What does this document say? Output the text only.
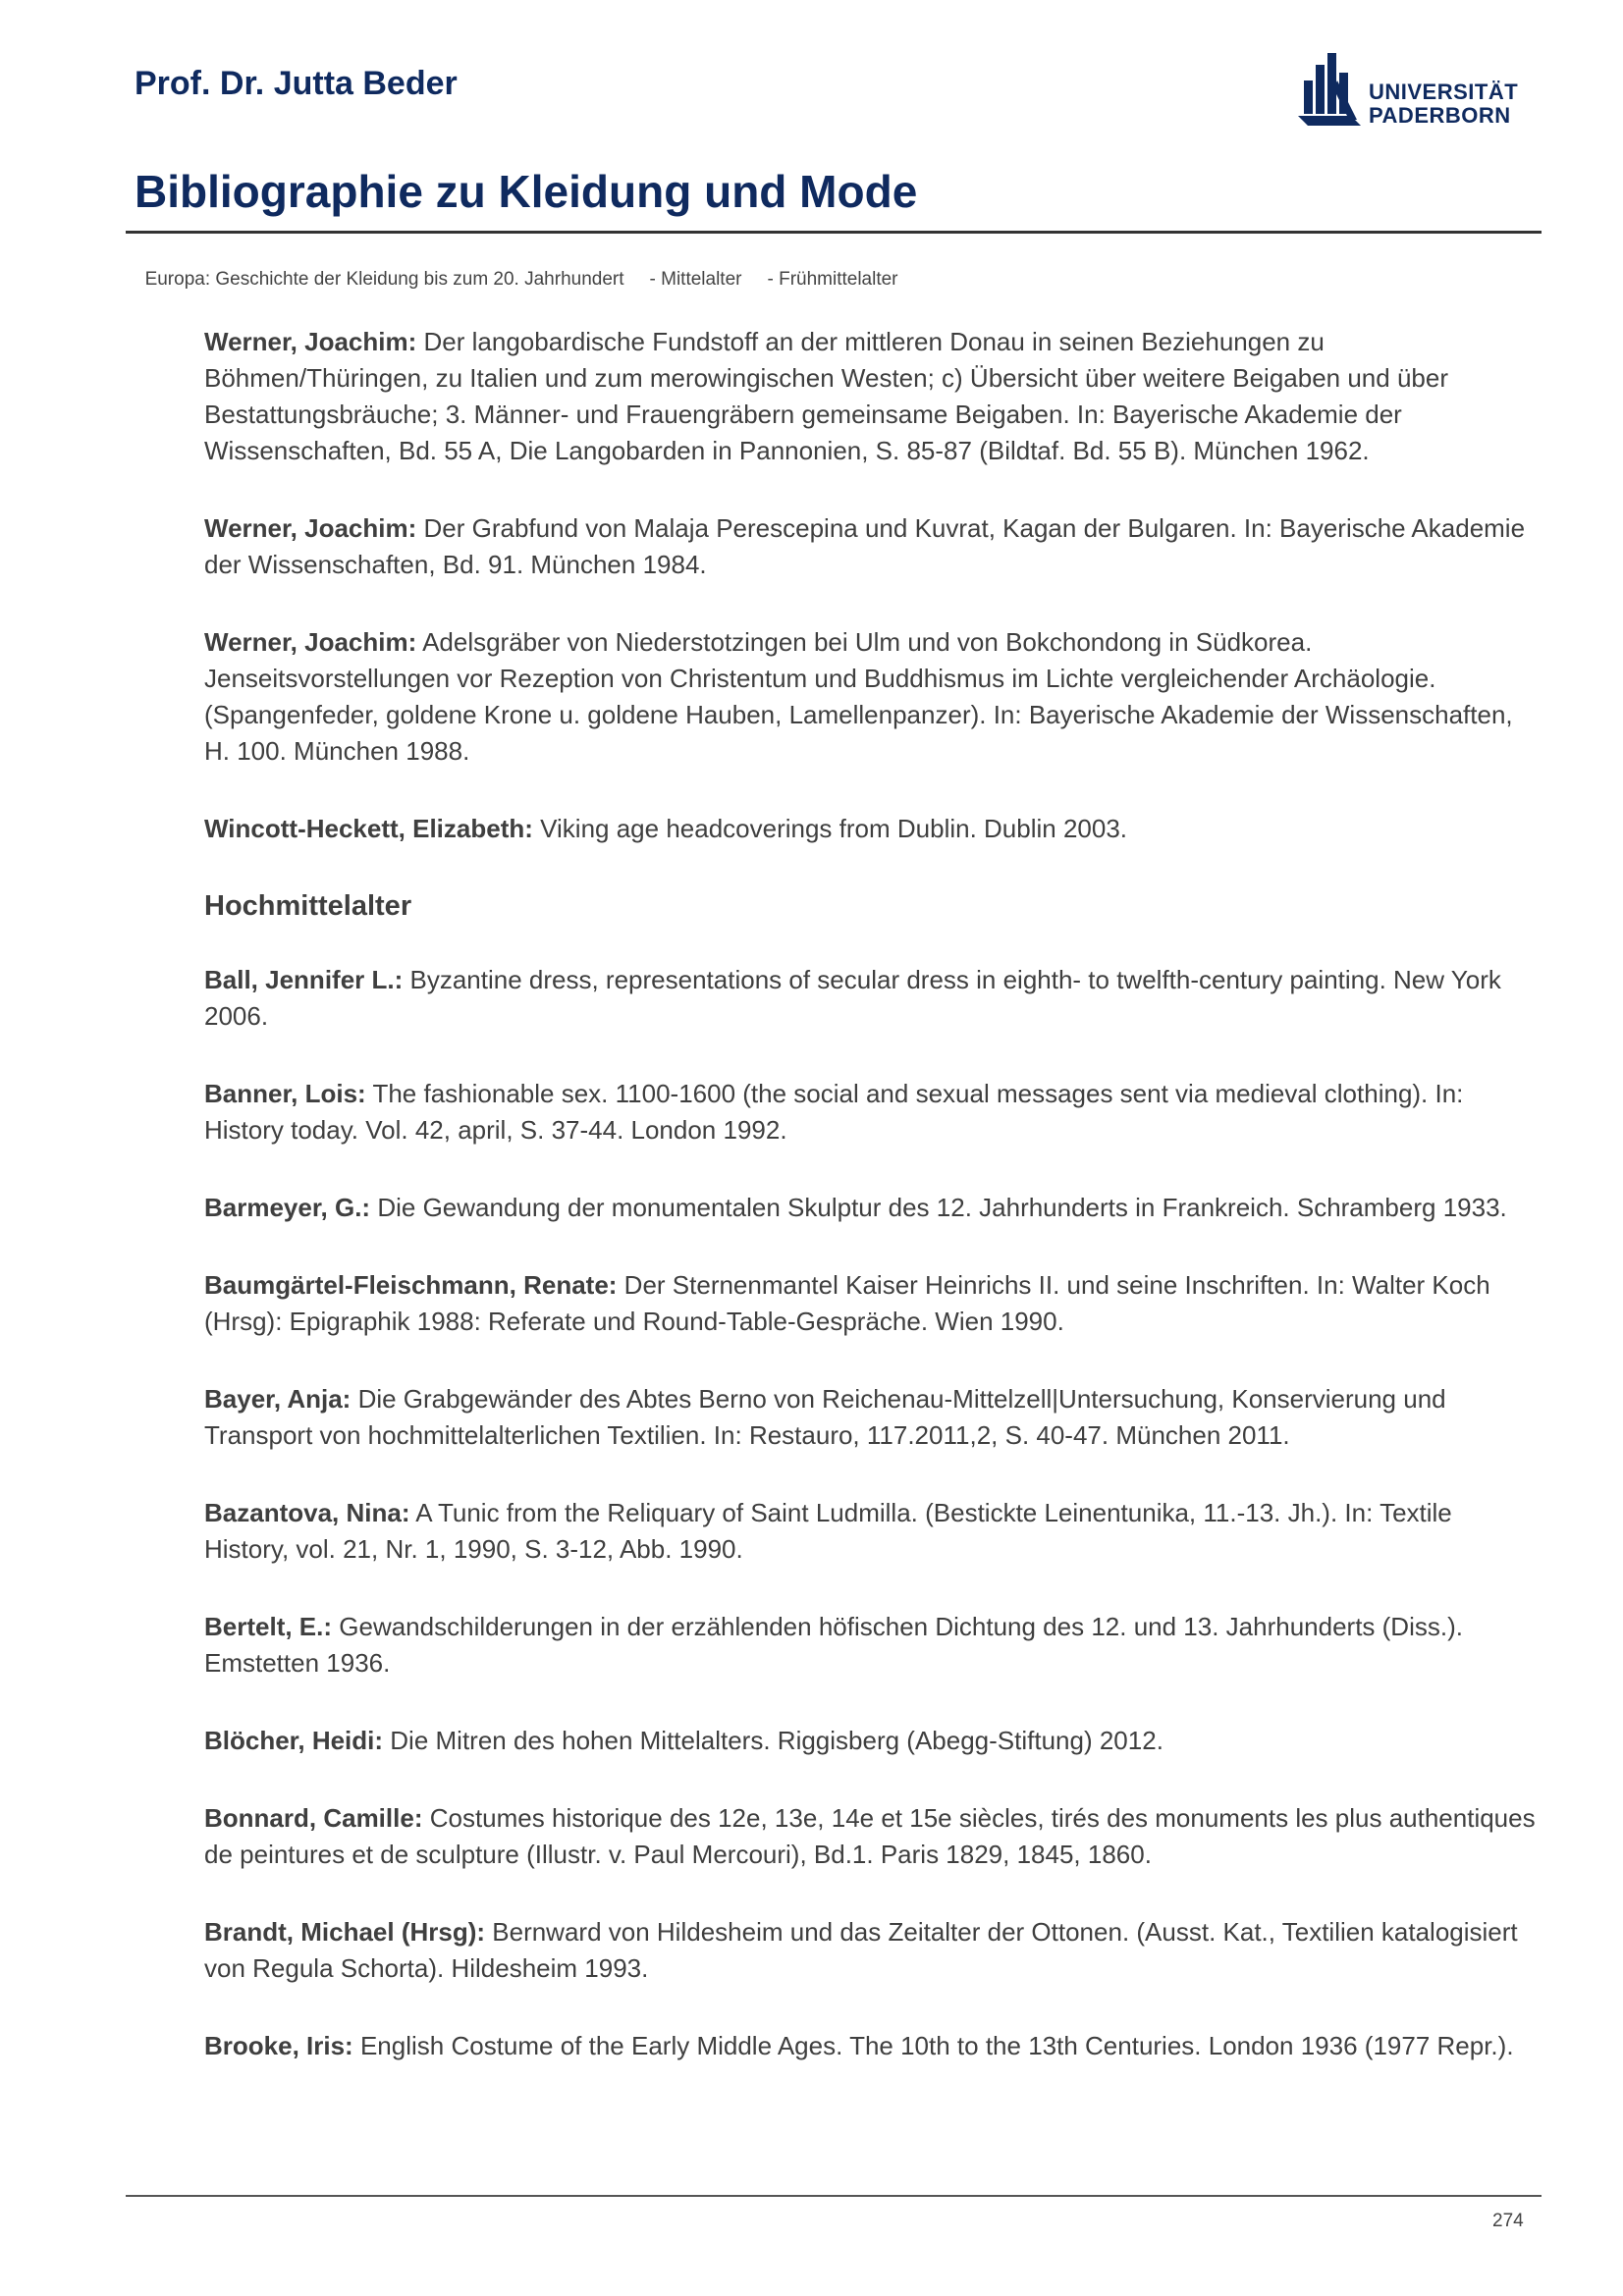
Prof. Dr. Jutta Beder	UNIVERSITÄT
PADERBORN
Bibliographie zu Kleidung und Mode

Europa: Geschichte der Kleidung bis zum 20. Jahrhundert - Mittelalter - Frühmittelalter

Werner, Joachim: Der langobardische Fundstoff an der mittleren Donau in seinen Beziehungen zu Böhmen/Thüringen, zu Italien und zum merowingischen Westen; c) Übersicht über weitere Beigaben und über Bestattungsbräuche; 3. Männer- und Frauengräbern gemeinsame Beigaben. In: Bayerische Akademie der Wissenschaften, Bd. 55 A, Die Langobarden in Pannonien, S. 85-87 (Bildtaf. Bd. 55 B). München 1962.

Werner, Joachim: Der Grabfund von Malaja Perescepina und Kuvrat, Kagan der Bulgaren. In: Bayerische Akademie der Wissenschaften, Bd. 91. München 1984.

Werner, Joachim: Adelsgräber von Niederstotzingen bei Ulm und von Bokchondong in Südkorea. Jenseitsvorstellungen vor Rezeption von Christentum und Buddhismus im Lichte vergleichender Archäologie. (Spangenfeder, goldene Krone u. goldene Hauben, Lamellenpanzer). In: Bayerische Akademie der Wissenschaften, H. 100. München 1988.

Wincott-Heckett, Elizabeth: Viking age headcoverings from Dublin. Dublin 2003.

Hochmittelalter

Ball, Jennifer L.: Byzantine dress, representations of secular dress in eighth- to twelfth-century painting. New York 2006.

Banner, Lois: The fashionable sex. 1100-1600 (the social and sexual messages sent via medieval clothing). In: History today. Vol. 42, april, S. 37-44. London 1992.

Barmeyer, G.: Die Gewandung der monumentalen Skulptur des 12. Jahrhunderts in Frankreich. Schramberg 1933.

Baumgärtel-Fleischmann, Renate: Der Sternenmantel Kaiser Heinrichs II. und seine Inschriften. In: Walter Koch (Hrsg): Epigraphik 1988: Referate und Round-Table-Gespräche. Wien 1990.

Bayer, Anja: Die Grabgewänder des Abtes Berno von Reichenau-Mittelzell|Untersuchung, Konservierung und Transport von hochmittelalterlichen Textilien. In: Restauro, 117.2011,2, S. 40-47. München 2011.

Bazantova, Nina: A Tunic from the Reliquary of Saint Ludmilla. (Bestickte Leinentunika, 11.-13. Jh.). In: Textile History, vol. 21, Nr. 1, 1990, S. 3-12, Abb. 1990.

Bertelt, E.: Gewandschilderungen in der erzählenden höfischen Dichtung des 12. und 13. Jahrhunderts (Diss.). Emstetten 1936.

Blöcher, Heidi: Die Mitren des hohen Mittelalters. Riggisberg (Abegg-Stiftung) 2012.

Bonnard, Camille: Costumes historique des 12e, 13e, 14e et 15e siècles, tirés des monuments les plus authentiques de peintures et de sculpture (Illustr. v. Paul Mercouri), Bd.1. Paris 1829, 1845, 1860.

Brandt, Michael (Hrsg): Bernward von Hildesheim und das Zeitalter der Ottonen. (Ausst. Kat., Textilien katalogisiert von Regula Schorta). Hildesheim 1993.

Brooke, Iris: English Costume of the Early Middle Ages. The 10th to the 13th Centuries. London 1936 (1977 Repr.).

274
